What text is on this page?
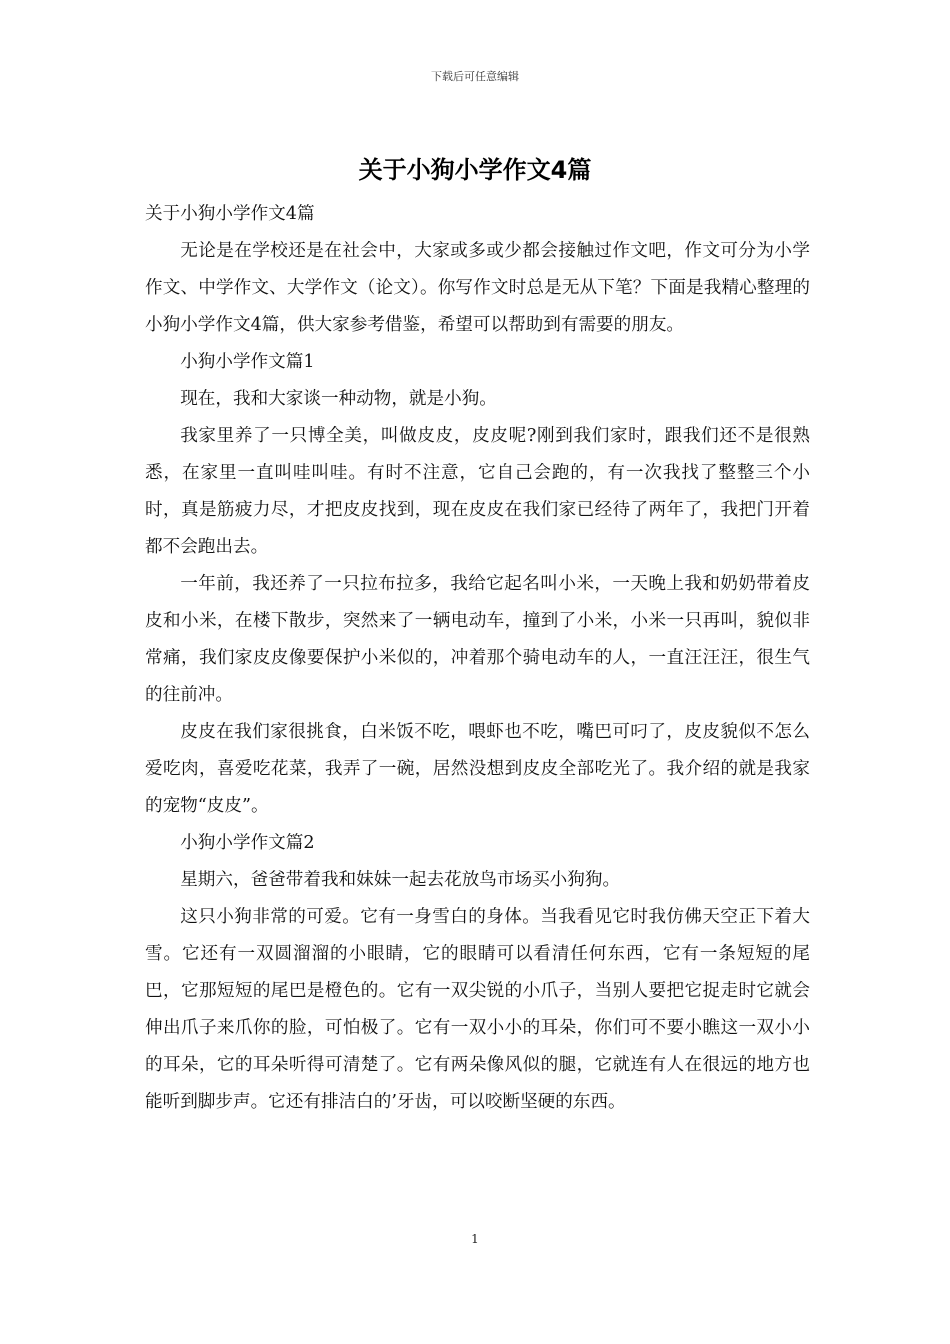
下载后可任意编辑
关于小狗小学作文4篇

关于小狗小学作文4篇

无论是在学校还是在社会中，大家或多或少都会接触过作文吧，作文可分为小学作文、中学作文、大学作文（论文）。你写作文时总是无从下笔？下面是我精心整理的小狗小学作文4篇，供大家参考借鉴，希望可以帮助到有需要的朋友。

小狗小学作文篇1

现在，我和大家谈一种动物，就是小狗。

我家里养了一只博全美，叫做皮皮，皮皮呢?刚到我们家时，跟我们还不是很熟悉，在家里一直叫哇叫哇。有时不注意，它自己会跑的，有一次我找了整整三个小时，真是筋疲力尽，才把皮皮找到，现在皮皮在我们家已经待了两年了，我把门开着都不会跑出去。

一年前，我还养了一只拉布拉多，我给它起名叫小米，一天晚上我和奶奶带着皮皮和小米，在楼下散步，突然来了一辆电动车，撞到了小米，小米一只再叫，貌似非常痛，我们家皮皮像要保护小米似的，冲着那个骑电动车的人，一直汪汪汪，很生气的往前冲。

皮皮在我们家很挑食，白米饭不吃，喂虾也不吃，嘴巴可叼了，皮皮貌似不怎么爱吃肉，喜爱吃花菜，我弄了一碗，居然没想到皮皮全部吃光了。我介绍的就是我家的宠物“皮皮”。

小狗小学作文篇2

星期六，爸爸带着我和妹妹一起去花放鸟市场买小狗狗。

这只小狗非常的可爱。它有一身雪白的身体。当我看见它时我仿佛天空正下着大雪。它还有一双圆溜溜的小眼睛，它的眼睛可以看清任何东西，它有一条短短的尾巴，它那短短的尾巴是橙色的。它有一双尖锐的小爪子，当别人要把它捉走时它就会伸出爪子来爪你的脸，可怕极了。它有一双小小的耳朵，你们可不要小瞧这一双小小的耳朵，它的耳朵听得可清楚了。它有两朵像风似的腿，它就连有人在很远的地方也能听到脚步声。它还有排洁白的’牙齿，可以咬断坚硬的东西。

1
